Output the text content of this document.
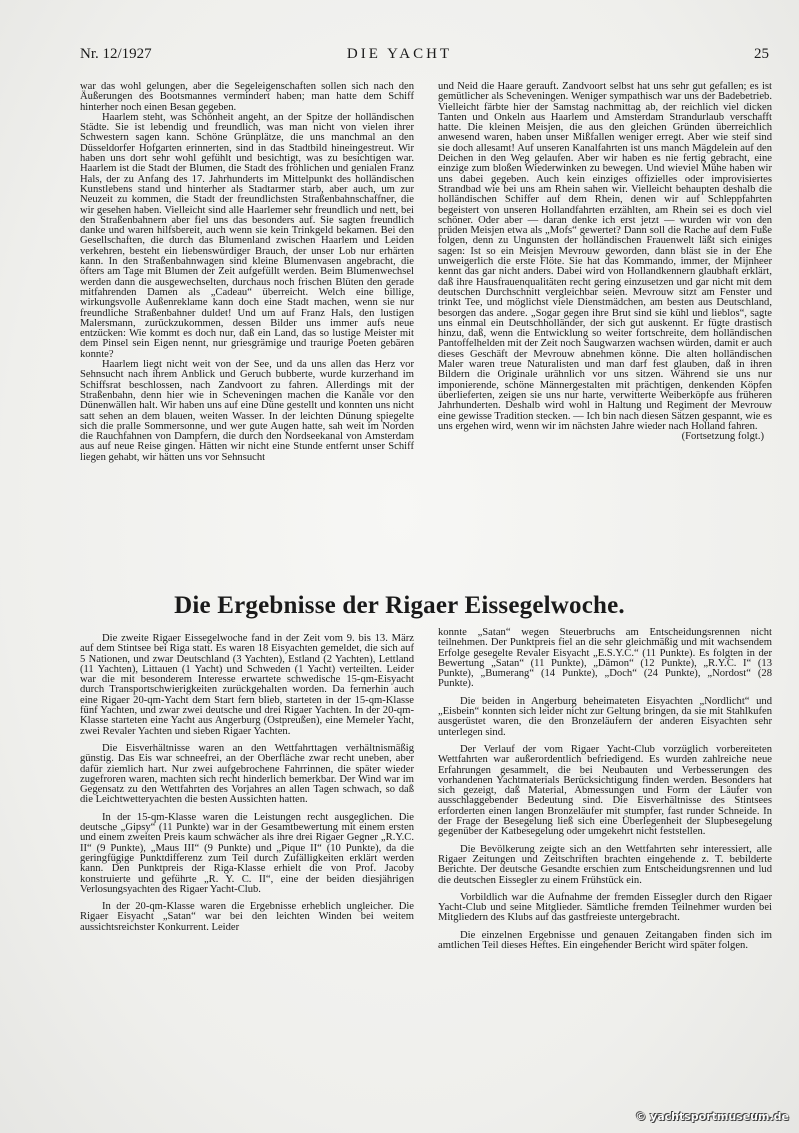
DIE YACHT
Nr. 12/1927	25

war das wohl gelungen, aber die Segeleigenschaften sollen sich nach den Äußerungen des Bootsmannes vermindert haben; man hatte dem Schiff hinterher noch einen Besan gegeben.

Haarlem steht, was Schönheit angeht, an der Spitze der holländischen Städte. Sie ist lebendig und freundlich, was man nicht von vielen ihrer Schwestern sagen kann. Schöne Grünplätze, die uns manchmal an den Düsseldorfer Hofgarten erinnerten, sind in das Stadtbild hineingestreut. Wir haben uns dort sehr wohl gefühlt und besichtigt, was zu besichtigen war. Haarlem ist die Stadt der Blumen, die Stadt des fröhlichen und genialen Franz Hals, der zu Anfang des 17. Jahrhunderts im Mittelpunkt des holländischen Kunstlebens stand und hinterher als Stadtarmer starb, aber auch, um zur Neuzeit zu kommen, die Stadt der freundlichsten Straßenbahnschaffner, die wir gesehen haben. Vielleicht sind alle Haarlemer sehr freundlich und nett, bei den Straßenbahnern aber fiel uns das besonders auf. Sie sagten freundlich danke und waren hilfsbereit, auch wenn sie kein Trinkgeld bekamen. Bei den Gesellschaften, die durch das Blumenland zwischen Haarlem und Leiden verkehren, besteht ein liebenswürdiger Brauch, der unser Lob nur erhärten kann. In den Straßenbahnwagen sind kleine Blumenvasen angebracht, die öfters am Tage mit Blumen der Zeit aufgefüllt werden. Beim Blumenwechsel werden dann die ausgewechselten, durchaus noch frischen Blüten den gerade mitfahrenden Damen als „Cadeau“ überreicht. Welch eine billige, wirkungsvolle Außenreklame kann doch eine Stadt machen, wenn sie nur freundliche Straßenbahner duldet! Und um auf Franz Hals, den lustigen Malersmann, zurückzukommen, dessen Bilder uns immer aufs neue entzücken: Wie kommt es doch nur, daß ein Land, das so lustige Meister mit dem Pinsel sein Eigen nennt, nur griesgrämige und traurige Poeten gebären konnte?

Haarlem liegt nicht weit von der See, und da uns allen das Herz vor Sehnsucht nach ihrem Anblick und Geruch bubberte, wurde kurzerhand im Schiffsrat beschlossen, nach Zandvoort zu fahren. Allerdings mit der Straßenbahn, denn hier wie in Scheveningen machen die Kanäle vor den Dünenwällen halt. Wir haben uns auf eine Düne gestellt und konnten uns nicht satt sehen an dem blauen, weiten Wasser. In der leichten Dünung spiegelte sich die pralle Sommersonne, und wer gute Augen hatte, sah weit im Norden die Rauchfahnen von Dampfern, die durch den Nordseekanal von Amsterdam aus auf neue Reise gingen. Hätten wir nicht eine Stunde entfernt unser Schiff liegen gehabt, wir hätten uns vor Sehnsucht

und Neid die Haare gerauft. Zandvoort selbst hat uns sehr gut gefallen; es ist gemütlicher als Scheveningen. Weniger sympathisch war uns der Badebetrieb. Vielleicht färbte hier der Samstag nachmittag ab, der reichlich viel dicken Tanten und Onkeln aus Haarlem und Amsterdam Strandurlaub verschafft hatte. Die kleinen Meisjen, die aus den gleichen Gründen überreichlich anwesend waren, haben unser Mißfallen weniger erregt. Aber wie steif sind sie doch allesamt! Auf unseren Kanalfahrten ist uns manch Mägdelein auf den Deichen in den Weg gelaufen. Aber wir haben es nie fertig gebracht, eine einzige zum bloßen Wiederwinken zu bewegen. Und wieviel Mühe haben wir uns dabei gegeben. Auch kein einziges offizielles oder improvisiertes Strandbad wie bei uns am Rhein sahen wir. Vielleicht behaupten deshalb die holländischen Schiffer auf dem Rhein, denen wir auf Schleppfahrten begeistert von unseren Hollandfahrten erzählten, am Rhein sei es doch viel schöner. Oder aber — daran denke ich erst jetzt — wurden wir von den prüden Meisjen etwa als „Mofs“ gewertet? Dann soll die Rache auf dem Fuße folgen, denn zu Ungunsten der holländischen Frauenwelt läßt sich einiges sagen: Ist so ein Meisjen Mevrouw geworden, dann bläst sie in der Ehe unweigerlich die erste Flöte. Sie hat das Kommando, immer, der Mijnheer kennt das gar nicht anders. Dabei wird von Hollandkennern glaubhaft erklärt, daß ihre Hausfrauenqualitäten recht gering einzusetzen und gar nicht mit dem deutschen Durchschnitt vergleichbar seien. Mevrouw sitzt am Fenster und trinkt Tee, und möglichst viele Dienstmädchen, am besten aus Deutschland, besorgen das andere. „Sogar gegen ihre Brut sind sie kühl und lieblos“, sagte uns einmal ein Deutschholländer, der sich gut auskennt. Er fügte drastisch hinzu, daß, wenn die Entwicklung so weiter fortschreite, dem holländischen Pantoffelhelden mit der Zeit noch Saugwarzen wachsen würden, damit er auch dieses Geschäft der Mevrouw abnehmen könne. Die alten holländischen Maler waren treue Naturalisten und man darf fest glauben, daß in ihren Bildern die Originale urähnlich vor uns sitzen. Während sie uns nur imponierende, schöne Männergestalten mit prächtigen, denkenden Köpfen überlieferten, zeigen sie uns nur harte, verwitterte Weiberköpfe aus früheren Jahrhunderten. Deshalb wird wohl in Haltung und Regiment der Mevrouw eine gewisse Tradition stecken. — Ich bin nach diesen Sätzen gespannt, wie es uns ergehen wird, wenn wir im nächsten Jahre wieder nach Holland fahren.

(Fortsetzung folgt.)
Die Ergebnisse der Rigaer Eissegelwoche.

Die zweite Rigaer Eissegelwoche fand in der Zeit vom 9. bis 13. März auf dem Stintsee bei Riga statt. Es waren 18 Eisyachten gemeldet, die sich auf 5 Nationen, und zwar Deutschland (3 Yachten), Estland (2 Yachten), Lettland (11 Yachten), Littauen (1 Yacht) und Schweden (1 Yacht) verteilten. Leider war die mit besonderem Interesse erwartete schwedische 15-qm-Eisyacht durch Transportschwierigkeiten zurückgehalten worden. Da fernerhin auch eine Rigaer 20-qm-Yacht dem Start fern blieb, starteten in der 15-qm-Klasse fünf Yachten, und zwar zwei deutsche und drei Rigaer Yachten. In der 20-qm-Klasse starteten eine Yacht aus Angerburg (Ostpreußen), eine Memeler Yacht, zwei Revaler Yachten und sieben Rigaer Yachten.

Die Eisverhältnisse waren an den Wettfahrttagen verhältnismäßig günstig. Das Eis war schneefrei, an der Oberfläche zwar recht uneben, aber dafür ziemlich hart. Nur zwei aufgebrochene Fahrrinnen, die später wieder zugefroren waren, machten sich recht hinderlich bemerkbar. Der Wind war im Gegensatz zu den Wettfahrten des Vorjahres an allen Tagen schwach, so daß die Leichtwetteryachten die besten Aussichten hatten.

In der 15-qm-Klasse waren die Leistungen recht ausgeglichen. Die deutsche „Gipsy“ (11 Punkte) war in der Gesamtbewertung mit einem ersten und einem zweiten Preis kaum schwächer als ihre drei Rigaer Gegner „R.Y.C. II“ (9 Punkte), „Maus III“ (9 Punkte) und „Pique II“ (10 Punkte), da die geringfügige Punktdifferenz zum Teil durch Zufälligkeiten erklärt werden kann. Den Punktpreis der Riga-Klasse erhielt die von Prof. Jacoby konstruierte und geführte „R. Y. C. II“, eine der beiden diesjährigen Verlosungsyachten des Rigaer Yacht-Club.

In der 20-qm-Klasse waren die Ergebnisse erheblich ungleicher. Die Rigaer Eisyacht „Satan“ war bei den leichten Winden bei weitem aussichtsreichster Konkurrent. Leider

konnte „Satan“ wegen Steuerbruchs am Entscheidungsrennen nicht teilnehmen. Der Punktpreis fiel an die sehr gleichmäßig und mit wachsendem Erfolge gesegelte Revaler Eisyacht „E.S.Y.C.“ (11 Punkte). Es folgten in der Bewertung „Satan“ (11 Punkte), „Dämon“ (12 Punkte), „R.Y.C. I“ (13 Punkte), „Bumerang“ (14 Punkte), „Doch“ (24 Punkte), „Nordost“ (28 Punkte).

Die beiden in Angerburg beheimateten Eisyachten „Nordlicht“ und „Eisbein“ konnten sich leider nicht zur Geltung bringen, da sie mit Stahlkufen ausgerüstet waren, die den Bronzeläufern der anderen Eisyachten sehr unterlegen sind.

Der Verlauf der vom Rigaer Yacht-Club vorzüglich vorbereiteten Wettfahrten war außerordentlich befriedigend. Es wurden zahlreiche neue Erfahrungen gesammelt, die bei Neubauten und Verbesserungen des vorhandenen Yachtmaterials Berücksichtigung finden werden. Besonders hat sich gezeigt, daß Material, Abmessungen und Form der Läufer von ausschlaggebender Bedeutung sind. Die Eisverhältnisse des Stintsees erforderten einen langen Bronzeläufer mit stumpfer, fast runder Schneide. In der Frage der Besegelung ließ sich eine Überlegenheit der Slupbesegelung gegenüber der Katbesegelung oder umgekehrt nicht feststellen.

Die Bevölkerung zeigte sich an den Wettfahrten sehr interessiert, alle Rigaer Zeitungen und Zeitschriften brachten eingehende z. T. bebilderte Berichte. Der deutsche Gesandte erschien zum Entscheidungsrennen und lud die deutschen Eissegler zu einem Frühstück ein.

Vorbildlich war die Aufnahme der fremden Eissegler durch den Rigaer Yacht-Club und seine Mitglieder. Sämtliche fremden Teilnehmer wurden bei Mitgliedern des Klubs auf das gastfreieste untergebracht.

Die einzelnen Ergebnisse und genauen Zeitangaben finden sich im amtlichen Teil dieses Heftes. Ein eingehender Bericht wird später folgen.

© yachtsportmuseum.de
